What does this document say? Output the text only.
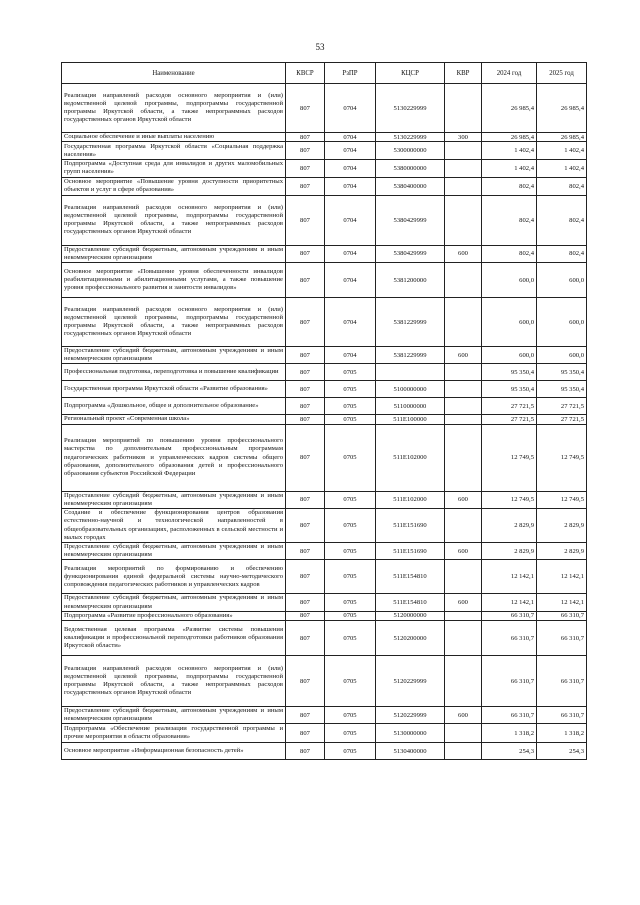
53
Наименование	КВСР	РзПР	КЦСР	КВР	2024 год	2025 год
Реализация направлений расходов основного мероприятия и (или) ведомственной целевой программы, подпрограммы государственной программы Иркутской области, а также непрограммных расходов государственных органов Иркутской области	807	0704	5130229999		26 985,4	26 985,4
Социальное обеспечение и иные выплаты населению	807	0704	5130229999	300	26 985,4	26 985,4
Государственная программа Иркутской области «Социальная поддержка населения»	807	0704	5300000000		1 402,4	1 402,4
Подпрограмма «Доступная среда для инвалидов и других маломобильных групп населения»	807	0704	5380000000		1 402,4	1 402,4
Основное мероприятие «Повышение уровня доступности приоритетных объектов и услуг в сфере образования»	807	0704	5380400000		802,4	802,4
Реализация направлений расходов основного мероприятия и (или) ведомственной целевой программы, подпрограммы государственной программы Иркутской области, а также непрограммных расходов государственных органов Иркутской области	807	0704	5380429999		802,4	802,4
Предоставление субсидий бюджетным, автономным учреждениям и иным некоммерческим организациям	807	0704	5380429999	600	802,4	802,4
Основное мероприятие «Повышение уровня обеспеченности инвалидов реабилитационными и абилитационными услугами, а также повышение уровня профессионального развития и занятости инвалидов»	807	0704	5381200000		600,0	600,0
Реализация направлений расходов основного мероприятия и (или) ведомственной целевой программы, подпрограммы государственной программы Иркутской области, а также непрограммных расходов государственных органов Иркутской области	807	0704	5381229999		600,0	600,0
Предоставление субсидий бюджетным, автономным учреждениям и иным некоммерческим организациям	807	0704	5381229999	600	600,0	600,0
Профессиональная подготовка, переподготовка и повышение квалификации	807	0705			95 350,4	95 350,4
Государственная программа Иркутской области «Развитие образования»	807	0705	5100000000		95 350,4	95 350,4
Подпрограмма «Дошкольное, общее и дополнительное образование»	807	0705	5110000000		27 721,5	27 721,5
Региональный проект «Современная школа»	807	0705	511E100000		27 721,5	27 721,5
Реализация мероприятий по повышению уровня профессионального мастерства по дополнительным профессиональным программам педагогических работников и управленческих кадров системы общего образования, дополнительного образования детей и профессионального образования субъектов Российской Федерации	807	0705	511E102000		12 749,5	12 749,5
Предоставление субсидий бюджетным, автономным учреждениям и иным некоммерческим организациям	807	0705	511E102000	600	12 749,5	12 749,5
Создание и обеспечение функционирования центров образования естественно-научной и технологической направленностей в общеобразовательных организациях, расположенных в сельской местности и малых городах	807	0705	511E151690		2 829,9	2 829,9
Предоставление субсидий бюджетным, автономным учреждениям и иным некоммерческим организациям	807	0705	511E151690	600	2 829,9	2 829,9
Реализация мероприятий по формированию и обеспечению функционирования единой федеральной системы научно-методического сопровождения педагогических работников и управленческих кадров	807	0705	511E154810		12 142,1	12 142,1
Предоставление субсидий бюджетным, автономным учреждениям и иным некоммерческим организациям	807	0705	511E154810	600	12 142,1	12 142,1
Подпрограмма «Развитие профессионального образования»	807	0705	5120000000		66 310,7	66 310,7
Ведомственная целевая программа «Развитие системы повышения квалификации и профессиональной переподготовки работников образования Иркутской области»	807	0705	5120200000		66 310,7	66 310,7
Реализация направлений расходов основного мероприятия и (или) ведомственной целевой программы, подпрограммы государственной программы Иркутской области, а также непрограммных расходов государственных органов Иркутской области	807	0705	5120229999		66 310,7	66 310,7
Предоставление субсидий бюджетным, автономным учреждениям и иным некоммерческим организациям	807	0705	5120229999	600	66 310,7	66 310,7
Подпрограмма «Обеспечение реализации государственной программы и прочие мероприятия в области образования»	807	0705	5130000000		1 318,2	1 318,2
Основное мероприятие «Информационная безопасность детей»	807	0705	5130400000		254,3	254,3
